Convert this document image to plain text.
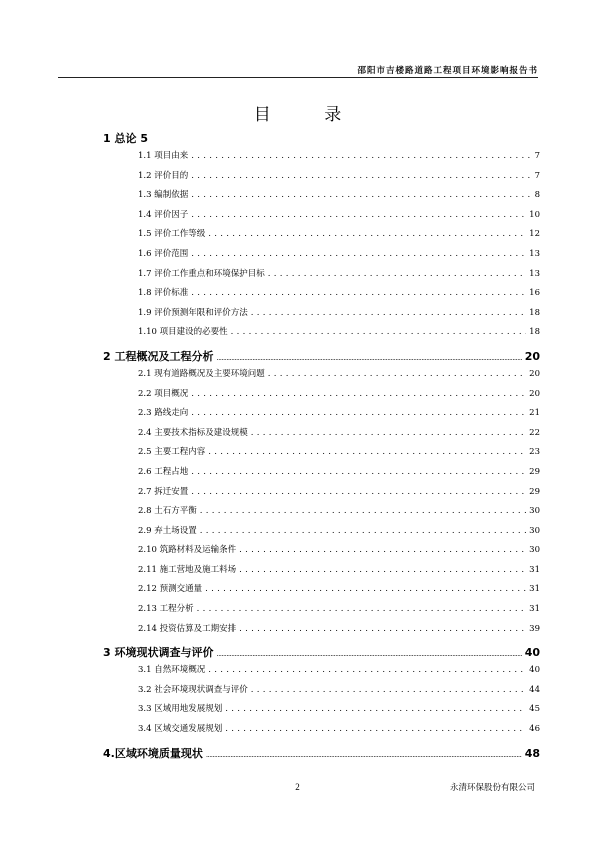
邵阳市吉楼路道路工程项目环境影响报告书
目 录
1 总论 5
1.1 项目由来 . . .	7
1.2 评价目的 . . .	7
1.3 编制依据 . . .	8
1.4 评价因子 . . .	10
1.5 评价工作等级 . . .	12
1.6 评价范围 . . .	13
1.7 评价工作重点和环境保护目标 . . .	13
1.8 评价标准 . . .	16
1.9 评价预测年限和评价方法 . . .	18
1.10 项目建设的必要性 . . .	18
2 工程概况及工程分析 .....	20
2.1 现有道路概况及主要环境问题 . . .	20
2.2 项目概况 . . .	20
2.3 路线走向 . . .	21
2.4 主要技术指标及建设规模 . . .	22
2.5 主要工程内容 . . .	23
2.6 工程占地 . . .	29
2.7 拆迁安置 . . .	29
2.8 土石方平衡 . . .	30
2.9 弃土场设置 . . .	30
2.10 筑路材料及运输条件 . . .	30
2.11 施工营地及施工料场 . . .	31
2.12 预测交通量 . . .	31
2.13 工程分析 . . .	31
2.14 投资估算及工期安排 . . .	39
3 环境现状调查与评价 .....	40
3.1 自然环境概况 . . .	40
3.2 社会环境现状调查与评价 . . .	44
3.3 区域用地发展规划 . . .	45
3.4 区域交通发展规划 . . .	46
4.区域环境质量现状 .....	48
2	永清环保股份有限公司
